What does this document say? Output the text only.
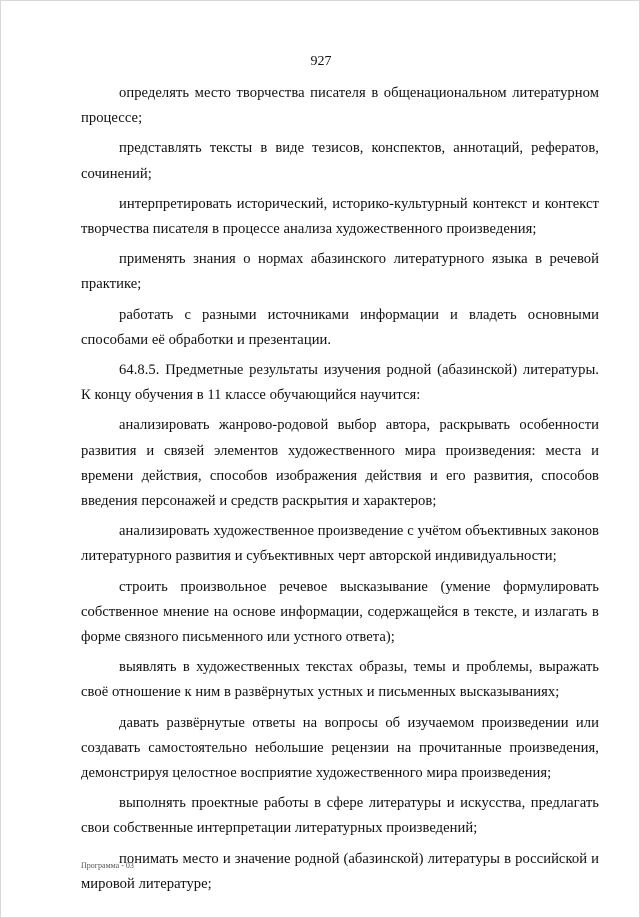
927

определять место творчества писателя в общенациональном литературном процессе;

представлять тексты в виде тезисов, конспектов, аннотаций, рефератов, сочинений;

интерпретировать исторический, историко-культурный контекст и контекст творчества писателя в процессе анализа художественного произведения;

применять знания о нормах абазинского литературного языка в речевой практике;

работать с разными источниками информации и владеть основными способами её обработки и презентации.

64.8.5. Предметные результаты изучения родной (абазинской) литературы. К концу обучения в 11 классе обучающийся научится:

анализировать жанрово-родовой выбор автора, раскрывать особенности развития и связей элементов художественного мира произведения: места и времени действия, способов изображения действия и его развития, способов введения персонажей и средств раскрытия и характеров;

анализировать художественное произведение с учётом объективных законов литературного развития и субъективных черт авторской индивидуальности;

строить произвольное речевое высказывание (умение формулировать собственное мнение на основе информации, содержащейся в тексте, и излагать в форме связного письменного или устного ответа);

выявлять в художественных текстах образы, темы и проблемы, выражать своё отношение к ним в развёрнутых устных и письменных высказываниях;

давать развёрнутые ответы на вопросы об изучаемом произведении или создавать самостоятельно небольшие рецензии на прочитанные произведения, демонстрируя целостное восприятие художественного мира произведения;

выполнять проектные работы в сфере литературы и искусства, предлагать свои собственные интерпретации литературных произведений;

понимать место и значение родной (абазинской) литературы в российской и мировой литературе;

Программа - 03
